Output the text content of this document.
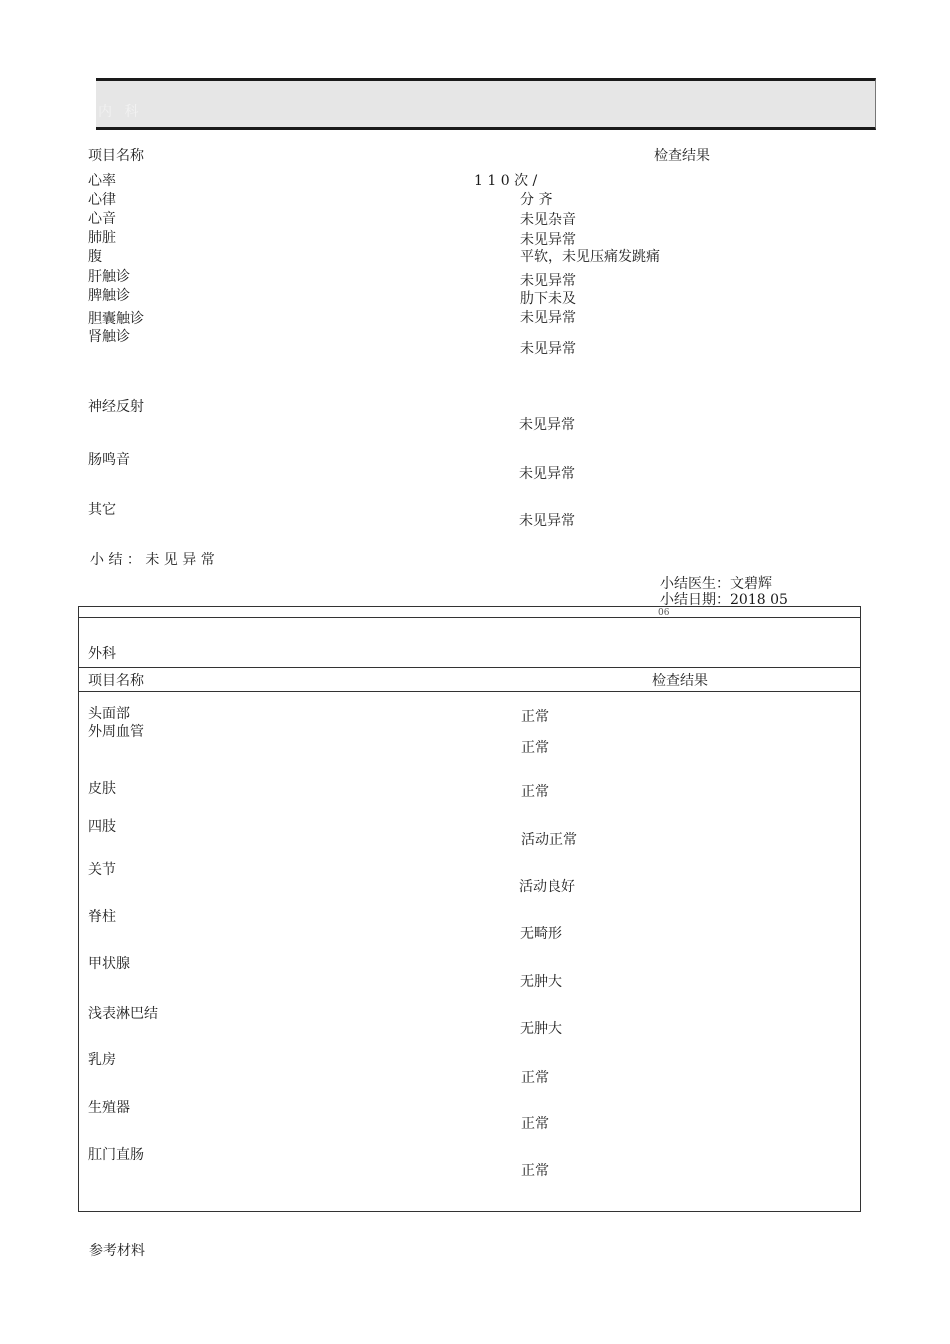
内 科
项目名称	检查结果
心率
心律
心音
肺脏
腹
肝触诊
脾触诊
胆囊触诊
肾触诊
神经反射
肠鸣音
其它
1 1 0 次 /
分 齐
未见杂音
未见异常
平软，未见压痛发跳痛
未见异常
肋下未及
未见异常
未见异常
未见异常
未见异常
未见异常
小 结 ： 未 见 异 常
小结医生：文碧辉
小结日期：2018 05
06
外科
项目名称	检查结果
头面部
外周血管
皮肤
四肢
关节
脊柱
甲状腺
浅表淋巴结
乳房
生殖器
肛门直肠
正常
正常
正常
活动正常
活动良好
无畸形
无肿大
无肿大
正常
正常
正常
参考材料
